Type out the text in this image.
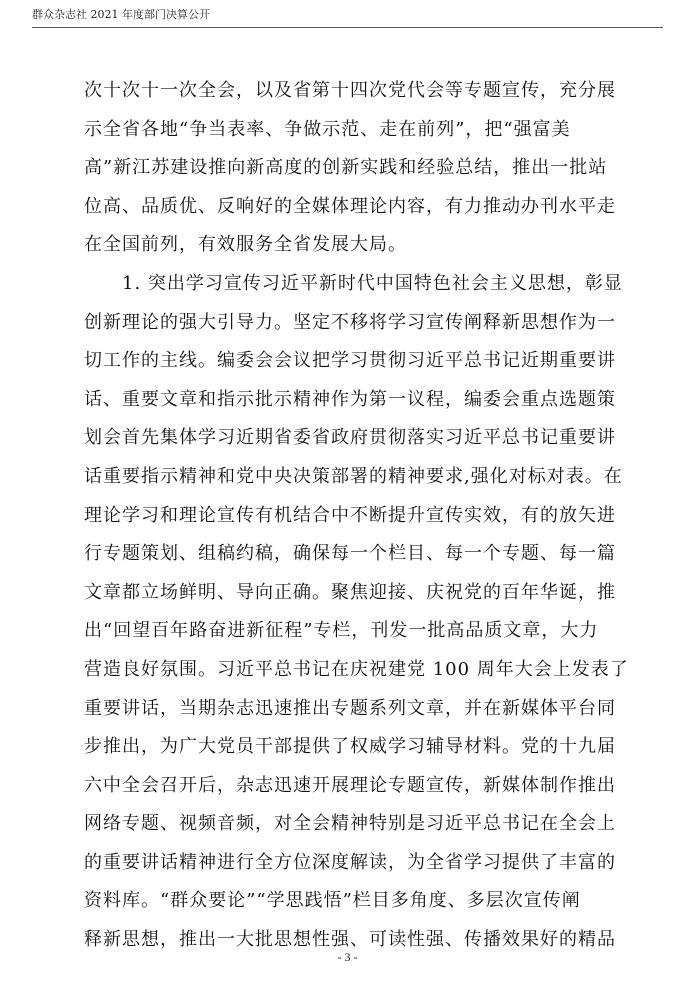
群众杂志社 2021 年度部门决算公开
次十次十一次全会，以及省第十四次党代会等专题宣传，充分展
示全省各地“争当表率、争做示范、走在前列”，把“强富美
高”新江苏建设推向新高度的创新实践和经验总结，推出一批站
位高、品质优、反响好的全媒体理论内容，有力推动办刊水平走
在全国前列，有效服务全省发展大局。
1. 突出学习宣传习近平新时代中国特色社会主义思想，彰显
创新理论的强大引导力。坚定不移将学习宣传阐释新思想作为一
切工作的主线。编委会会议把学习贯彻习近平总书记近期重要讲
话、重要文章和指示批示精神作为第一议程，编委会重点选题策
划会首先集体学习近期省委省政府贯彻落实习近平总书记重要讲
话重要指示精神和党中央决策部署的精神要求,强化对标对表。在
理论学习和理论宣传有机结合中不断提升宣传实效，有的放矢进
行专题策划、组稿约稿，确保每一个栏目、每一个专题、每一篇
文章都立场鲜明、导向正确。聚焦迎接、庆祝党的百年华诞，推
出“回望百年路奋进新征程”专栏，刊发一批高品质文章，大力
营造良好氛围。习近平总书记在庆祝建党 100 周年大会上发表了
重要讲话，当期杂志迅速推出专题系列文章，并在新媒体平台同
步推出，为广大党员干部提供了权威学习辅导材料。党的十九届
六中全会召开后，杂志迅速开展理论专题宣传，新媒体制作推出
网络专题、视频音频，对全会精神特别是习近平总书记在全会上
的重要讲话精神进行全方位深度解读，为全省学习提供了丰富的
资料库。“群众要论”“学思践悟”栏目多角度、多层次宣传阐
释新思想，推出一大批思想性强、可读性强、传播效果好的精品
- 3 -
